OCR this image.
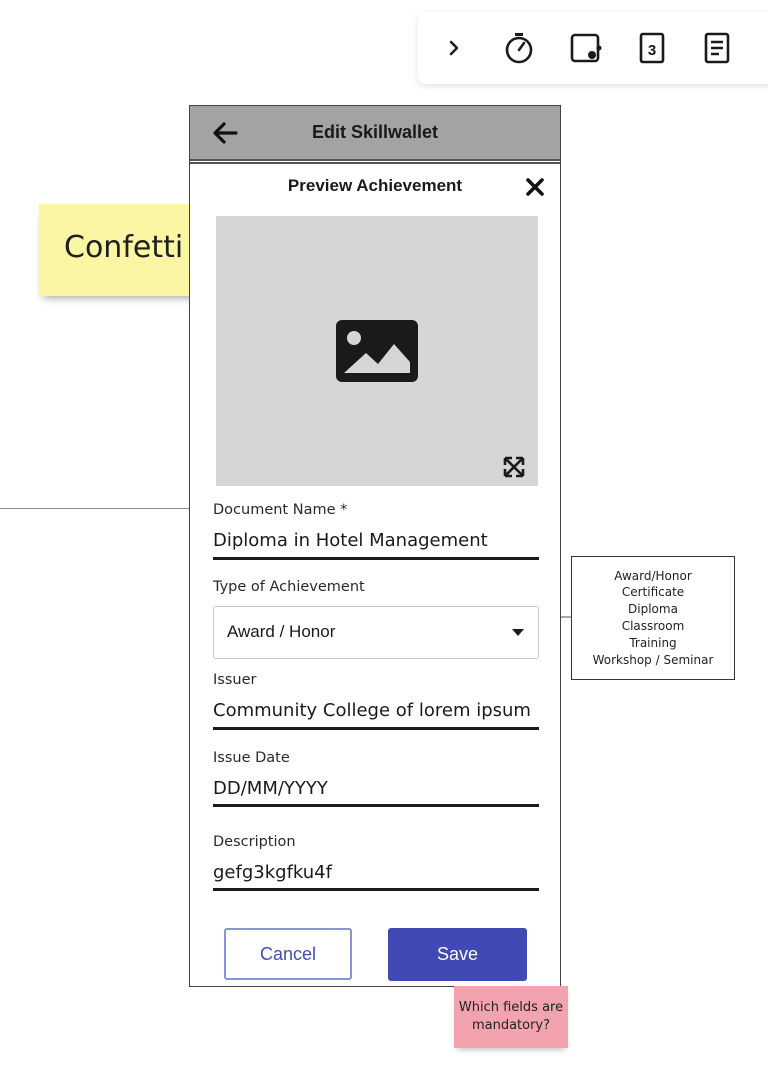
3
Confetti
Award/Honor
Certificate
Diploma
Classroom
Training
Workshop / Seminar
Edit Skillwallet
Preview Achievement
Document Name *
Diploma in Hotel Management
Type of Achievement
Award / Honor
Issuer
Community College of lorem ipsum
Issue Date
DD/MM/YYYY
Description
gefg3kgfku4f
Cancel	Save
Which fields are mandatory?
